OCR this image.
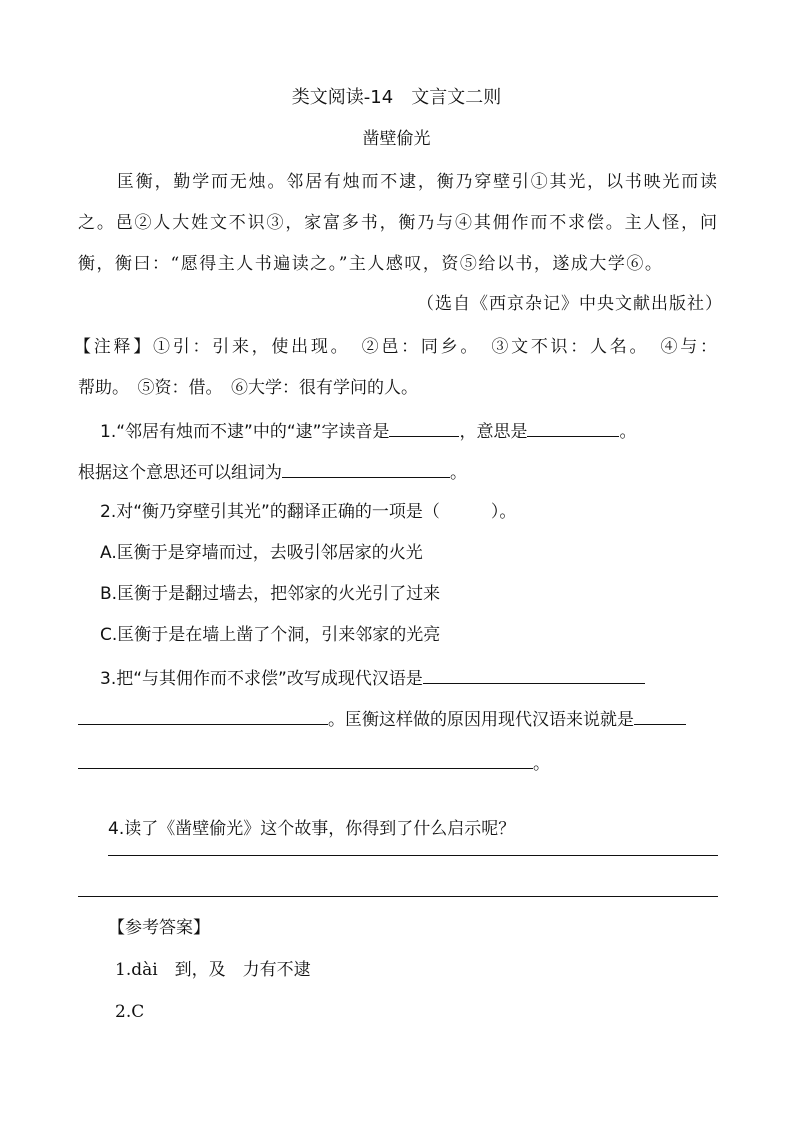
类文阅读-14　文言文二则
凿壁偷光
匡衡，勤学而无烛。邻居有烛而不逮，衡乃穿壁引①其光，以书映光而读
之。邑②人大姓文不识③，家富多书，衡乃与④其佣作而不求偿。主人怪，问
衡，衡曰：“愿得主人书遍读之。”主人感叹，资⑤给以书，遂成大学⑥。
（选自《西京杂记》中央文献出版社）
【注释】①引：引来，使出现。　②邑：同乡。　③文不识：人名。　④与：
帮助。　⑤资：借。　⑥大学：很有学问的人。
1.“邻居有烛而不逮”中的“逮”字读音是	，意思是	。
根据这个意思还可以组词为	。
2.对“衡乃穿壁引其光”的翻译正确的一项是（　　　）。
A.匡衡于是穿墙而过，去吸引邻居家的火光
B.匡衡于是翻过墙去，把邻家的火光引了过来
C.匡衡于是在墙上凿了个洞，引来邻家的光亮
3.把“与其佣作而不求偿”改写成现代汉语是
。匡衡这样做的原因用现代汉语来说就是
。
4.读了《凿壁偷光》这个故事，你得到了什么启示呢？
【参考答案】
1.dài　到，及　力有不逮
2.C
